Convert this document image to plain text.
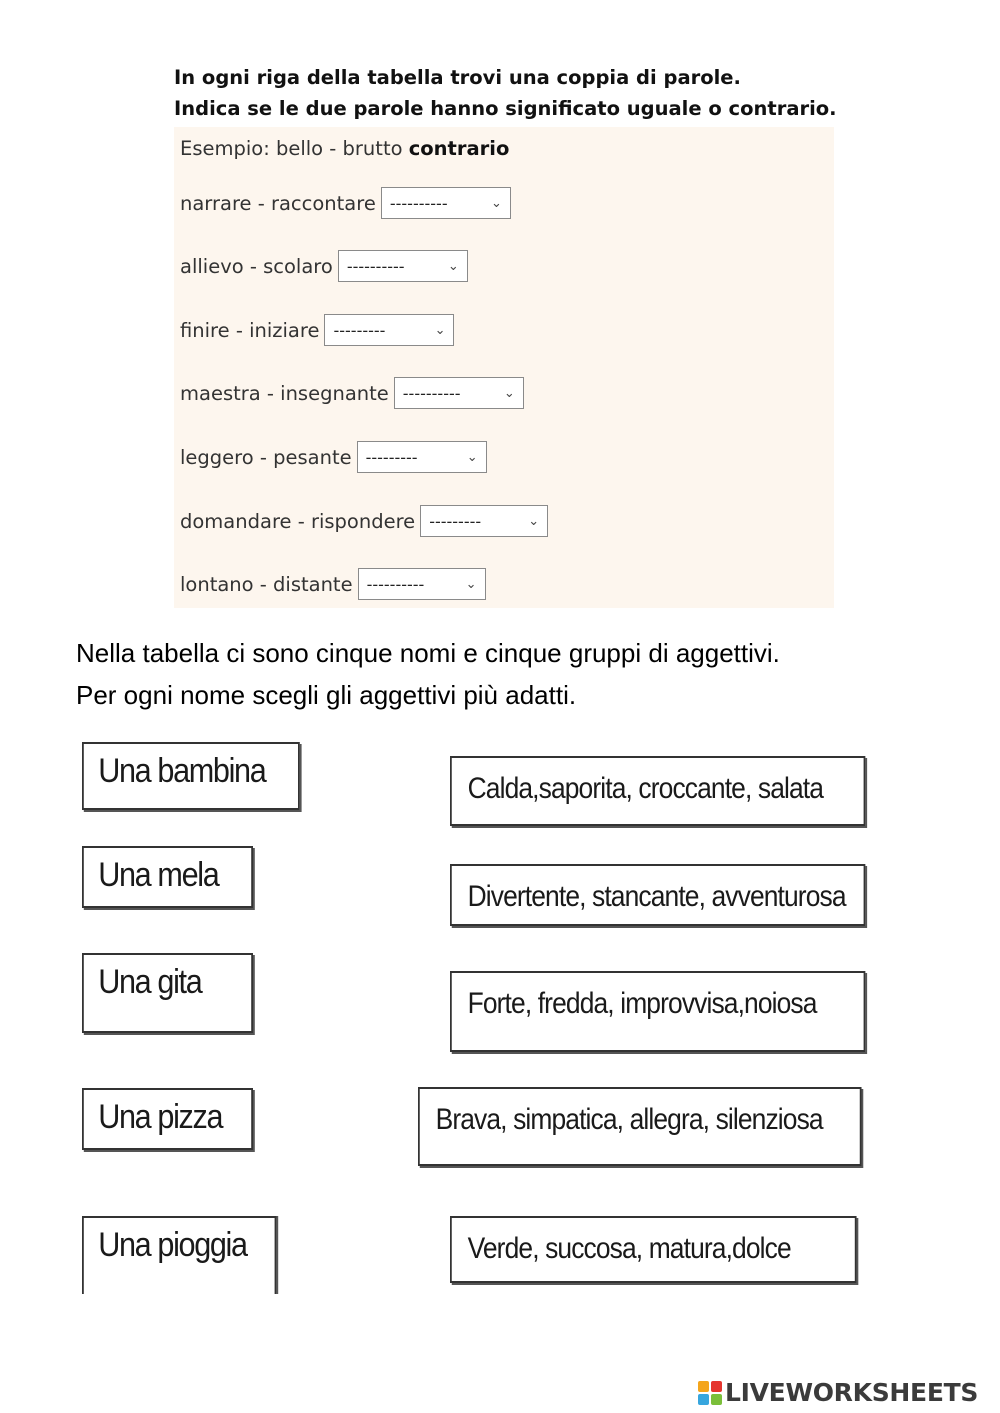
In ogni riga della tabella trovi una coppia di parole.
Indica se le due parole hanno significato uguale o contrario.
Esempio: bello - brutto contrario
narrare - raccontare ----------	⌄
allievo - scolaro ----------	⌄
finire - iniziare ---------	⌄
maestra - insegnante ----------	⌄
leggero - pesante ---------	⌄
domandare - rispondere ---------	⌄
lontano - distante ----------	⌄
Nella tabella ci sono cinque nomi e cinque gruppi di aggettivi.
Per ogni nome scegli gli aggettivi più adatti.
Una bambina
Una mela
Una gita
Una pizza
Una pioggia
Calda,saporita, croccante, salata
Divertente, stancante, avventurosa
Forte, fredda, improvvisa,noiosa
Brava, simpatica, allegra, silenziosa
Verde, succosa, matura,dolce
LIVEWORKSHEETS
